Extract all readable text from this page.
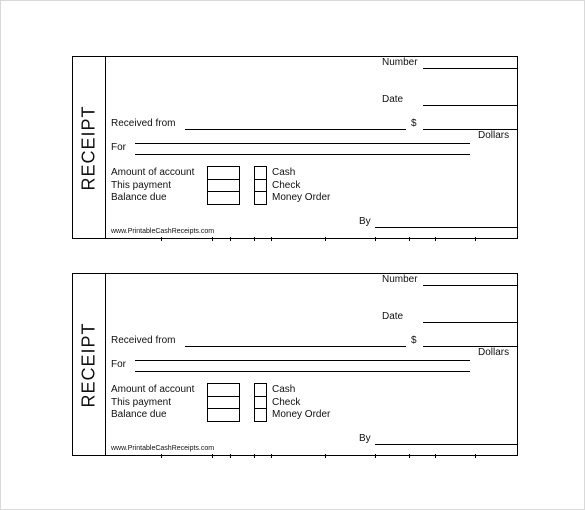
RECEIPT
Number
Date
Received from	$
Dollars
For
Amount of account
This payment
Balance due
Cash
Check
Money Order
By
www.PrintableCashReceipts.com
RECEIPT
Number
Date
Received from	$
Dollars
For
Amount of account
This payment
Balance due
Cash
Check
Money Order
By
www.PrintableCashReceipts.com
